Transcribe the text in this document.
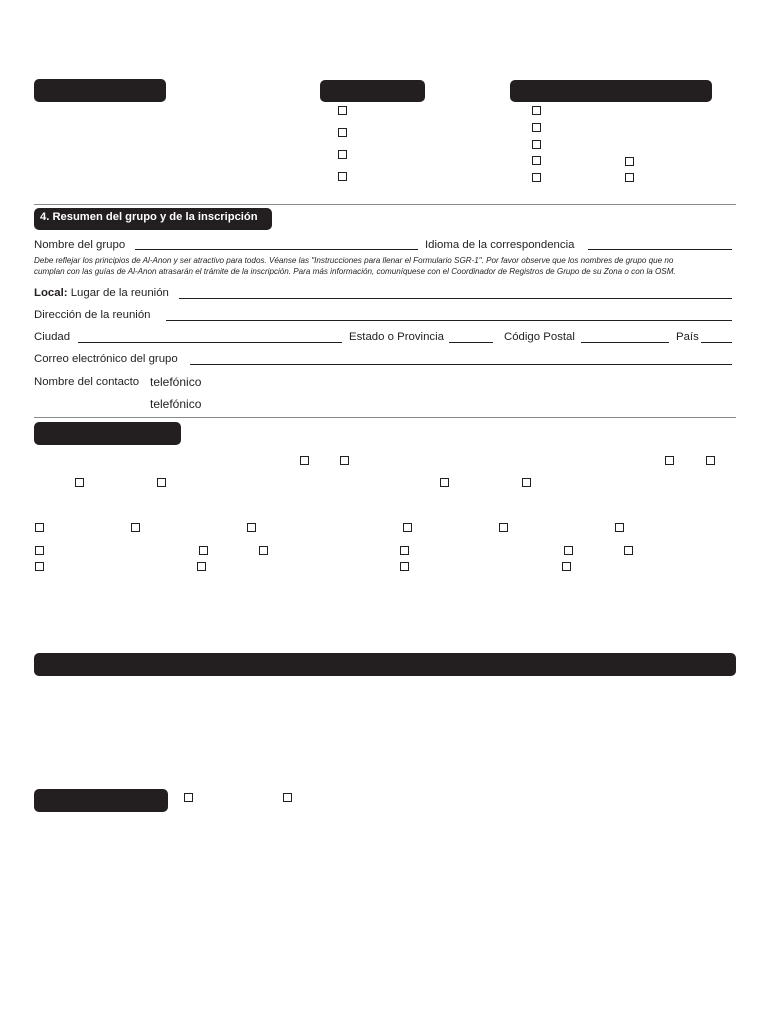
4. Resumen del grupo y de la inscripción
Nombre del grupo	Idioma de la correspondencia
Debe reflejar los principios de Al-Anon y ser atractivo para todos. Véanse las "Instrucciones para llenar el Formulario SGR-1". Por favor observe que los nombres de grupo que no
cumplan con las guías de Al-Anon atrasarán el trámite de la inscripción. Para más información, comuníquese con el Coordinador de Registros de Grupo de su Zona o con la OSM.
Local: Lugar de la reunión
Dirección de la reunión
Ciudad	Estado o Provincia	Código Postal	País
Correo electrónico del grupo
Nombre del contacto telefónico
telefónico
